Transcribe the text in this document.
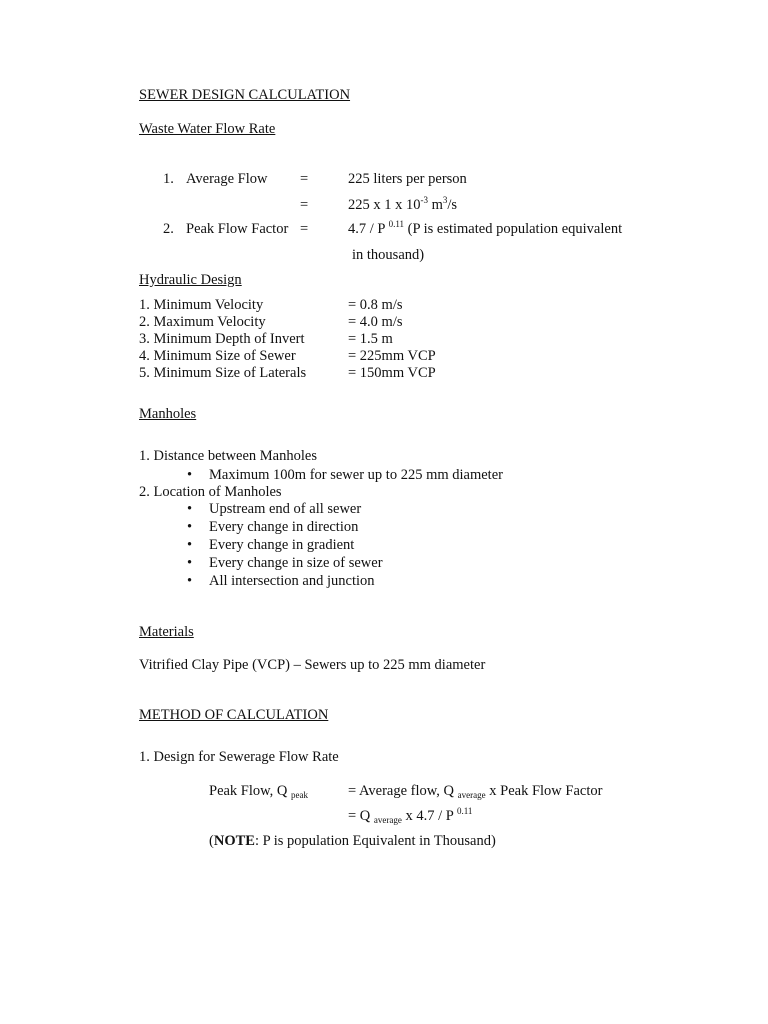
SEWER DESIGN CALCULATION
Waste Water Flow Rate
1. Average Flow =	225 liters per person
=	225 x 1 x $10^{-3}$ $m^3/s$
2. Peak Flow Factor =	4.7 / P $^{0.11}$ (P is estimated population equivalent
in thousand)
Hydraulic Design
1. Minimum Velocity	= 0.8 m/s
2. Maximum Velocity	= 4.0 m/s
3. Minimum Depth of Invert	= 1.5 m
4. Minimum Size of Sewer	= 225mm VCP
5. Minimum Size of Laterals	= 150mm VCP
Manholes
1. Distance between Manholes
• Maximum 100m for sewer up to 225 mm diameter
2. Location of Manholes
• Upstream end of all sewer
• Every change in direction
• Every change in gradient
• Every change in size of sewer
• All intersection and junction
Materials
Vitrified Clay Pipe (VCP) – Sewers up to 225 mm diameter
METHOD OF CALCULATION
1. Design for Sewerage Flow Rate
Peak Flow, Q $_{peak}$	= Average flow, Q $_{average}$ x Peak Flow Factor
= Q $_{average}$ x 4.7 / P $^{0.11}$
(NOTE: P is population Equivalent in Thousand)
